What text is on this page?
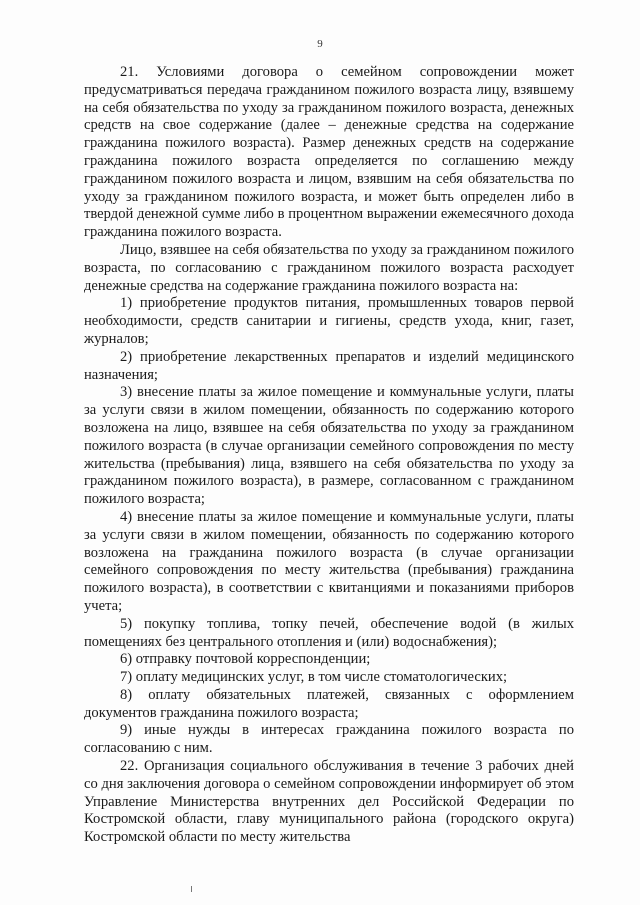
9

21. Условиями договора о семейном сопровождении может предусматриваться передача гражданином пожилого возраста лицу, взявшему на себя обязательства по уходу за гражданином пожилого возраста, денежных средств на свое содержание (далее – денежные средства на содержание гражданина пожилого возраста). Размер денежных средств на содержание гражданина пожилого возраста определяется по соглашению между гражданином пожилого возраста и лицом, взявшим на себя обязательства по уходу за гражданином пожилого возраста, и может быть определен либо в твердой денежной сумме либо в процентном выражении ежемесячного дохода гражданина пожилого возраста.

Лицо, взявшее на себя обязательства по уходу за гражданином пожилого возраста, по согласованию с гражданином пожилого возраста расходует денежные средства на содержание гражданина пожилого возраста на:

1) приобретение продуктов питания, промышленных товаров первой необходимости, средств санитарии и гигиены, средств ухода, книг, газет, журналов;

2) приобретение лекарственных препаратов и изделий медицинского назначения;

3) внесение платы за жилое помещение и коммунальные услуги, платы за услуги связи в жилом помещении, обязанность по содержанию которого возложена на лицо, взявшее на себя обязательства по уходу за гражданином пожилого возраста (в случае организации семейного сопровождения по месту жительства (пребывания) лица, взявшего на себя обязательства по уходу за гражданином пожилого возраста), в размере, согласованном с гражданином пожилого возраста;

4) внесение платы за жилое помещение и коммунальные услуги, платы за услуги связи в жилом помещении, обязанность по содержанию которого возложена на гражданина пожилого возраста (в случае организации семейного сопровождения по месту жительства (пребывания) гражданина пожилого возраста), в соответствии с квитанциями и показаниями приборов учета;

5) покупку топлива, топку печей, обеспечение водой (в жилых помещениях без центрального отопления и (или) водоснабжения);

6) отправку почтовой корреспонденции;

7) оплату медицинских услуг, в том числе стоматологических;

8) оплату обязательных платежей, связанных с оформлением документов гражданина пожилого возраста;

9) иные нужды в интересах гражданина пожилого возраста по согласованию с ним.

22. Организация социального обслуживания в течение 3 рабочих дней со дня заключения договора о семейном сопровождении информирует об этом Управление Министерства внутренних дел Российской Федерации по Костромской области, главу муниципального района (городского округа) Костромской области по месту жительства
